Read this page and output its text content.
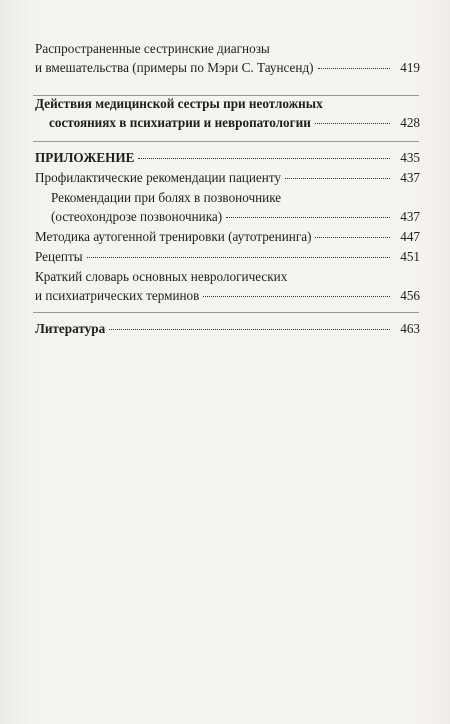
Распространенные сестринские диагнозы
и вмешательства (примеры по Мэри С. Таунсенд)	419
Действия медицинской сестры при неотложных
состояниях в психиатрии и невропатологии	428
ПРИЛОЖЕНИЕ	435
Профилактические рекомендации пациенту	437
Рекомендации при болях в позвоночнике
(остеохондрозе позвоночника)	437
Методика аутогенной тренировки (аутотренинга)	447
Рецепты	451
Краткий словарь основных неврологических
и психиатрических терминов	456
Литература	463
